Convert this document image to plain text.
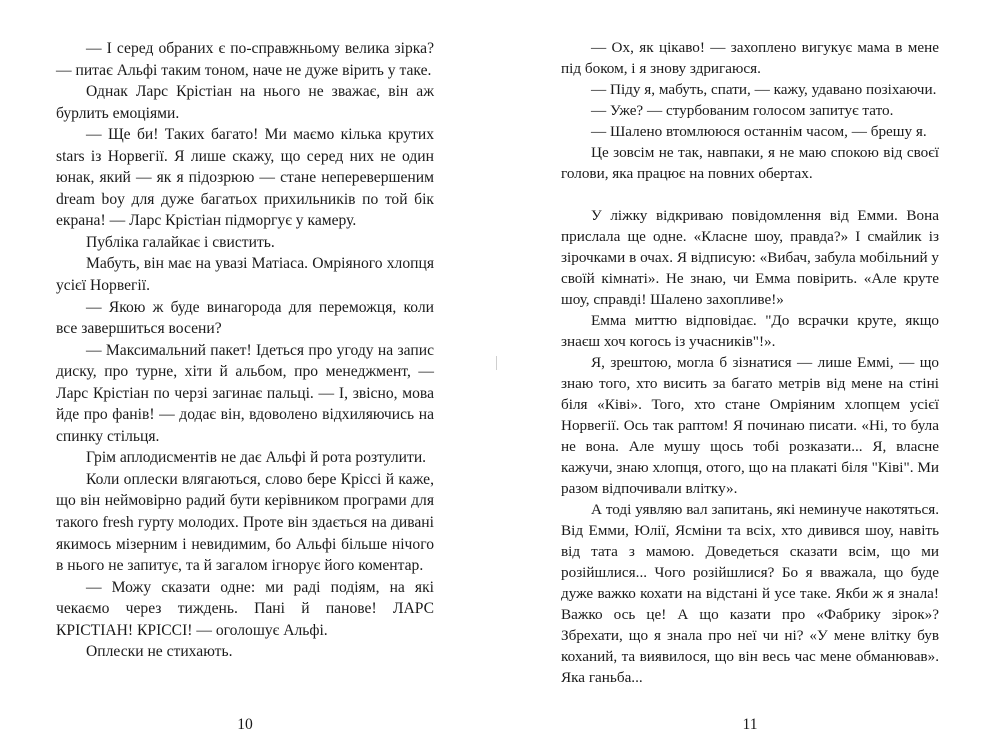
— І серед обраних є по-справжньому велика зірка? — питає Альфі таким тоном, наче не дуже вірить у таке.

Однак Ларс Крістіан на нього не зважає, він аж бурлить емоціями.

— Ще би! Таких багато! Ми маємо кілька крутих stars із Норвегії. Я лише скажу, що серед них не один юнак, який — як я підозрюю — стане неперевершеним dream boy для дуже багатьох прихильників по той бік екрана! — Ларс Крістіан підморгує у камеру.

Публіка галайкає і свистить.

Мабуть, він має на увазі Матіаса. Омріяного хлопця усієї Норвегії.

— Якою ж буде винагорода для переможця, коли все завершиться восени?

— Максимальний пакет! Ідеться про угоду на запис диску, про турне, хіти й альбом, про менеджмент, — Ларс Крістіан по черзі загинає пальці. — І, звісно, мова йде про фанів! — додає він, вдоволено відхиляючись на спинку стільця.

Грім аплодисментів не дає Альфі й рота розтулити.

Коли оплески влягаються, слово бере Кріссі й каже, що він неймовірно радий бути керівником програми для такого fresh гурту молодих. Проте він здається на дивані якимось мізерним і невидимим, бо Альфі більше нічого в нього не запитує, та й загалом ігнорує його коментар.

— Можу сказати одне: ми раді подіям, на які чекаємо через тиждень. Пані й панове! ЛАРС КРІСТІАН! КРІССІ! — оголошує Альфі.

Оплески не стихають.

— Ох, як цікаво! — захоплено вигукує мама в мене під боком, і я знову здригаюся.

— Піду я, мабуть, спати, — кажу, удавано позіхаючи.

— Уже? — стурбованим голосом запитує тато.

— Шалено втомлююся останнім часом, — брешу я.

Це зовсім не так, навпаки, я не маю спокою від своєї голови, яка працює на повних обертах.

У ліжку відкриваю повідомлення від Емми. Вона прислала ще одне. «Класне шоу, правда?» І смайлик із зірочками в очах. Я відписую: «Вибач, забула мобільний у своїй кімнаті». Не знаю, чи Емма повірить. «Але круте шоу, справді! Шалено захопливе!»

Емма миттю відповідає. "До всрачки круте, якщо знаєш хоч когось із учасників"!».

Я, зрештою, могла б зізнатися — лише Еммі, — що знаю того, хто висить за багато метрів від мене на стіні біля «Ківі». Того, хто стане Омріяним хлопцем усієї Норвегії. Ось так раптом! Я починаю писати. «Ні, то була не вона. Але мушу щось тобі розказати... Я, власне кажучи, знаю хлопця, отого, що на плакаті біля "Ківі". Ми разом відпочивали влітку».

А тоді уявляю вал запитань, які неминуче накотяться. Від Емми, Юлії, Ясміни та всіх, хто дивився шоу, навіть від тата з мамою. Доведеться сказати всім, що ми розійшлися... Чого розійшлися? Бо я вважала, що буде дуже важко кохати на відстані й усе таке. Якби ж я знала! Важко ось це! А що казати про «Фабрику зірок»? Збрехати, що я знала про неї чи ні? «У мене влітку був коханий, та виявилося, що він весь час мене обманював». Яка ганьба...

10	11
